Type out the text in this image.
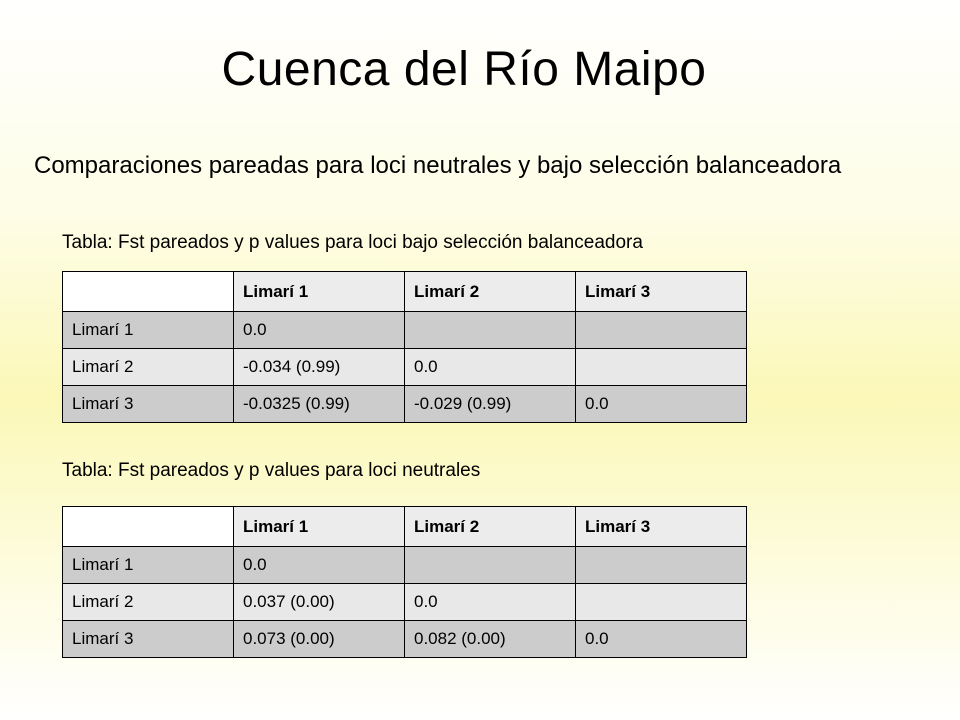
Cuenca del Río Maipo
Comparaciones pareadas para loci neutrales y bajo selección balanceadora
Tabla: Fst pareados y p values para loci bajo selección balanceadora
	Limarí 1	Limarí 2	Limarí 3
Limarí 1	0.0		
Limarí 2	-0.034 (0.99)	0.0	
Limarí 3	-0.0325 (0.99)	-0.029 (0.99)	0.0
Tabla: Fst pareados y p values para loci neutrales
	Limarí 1	Limarí 2	Limarí 3
Limarí 1	0.0		
Limarí 2	0.037 (0.00)	0.0	
Limarí 3	0.073 (0.00)	0.082 (0.00)	0.0
